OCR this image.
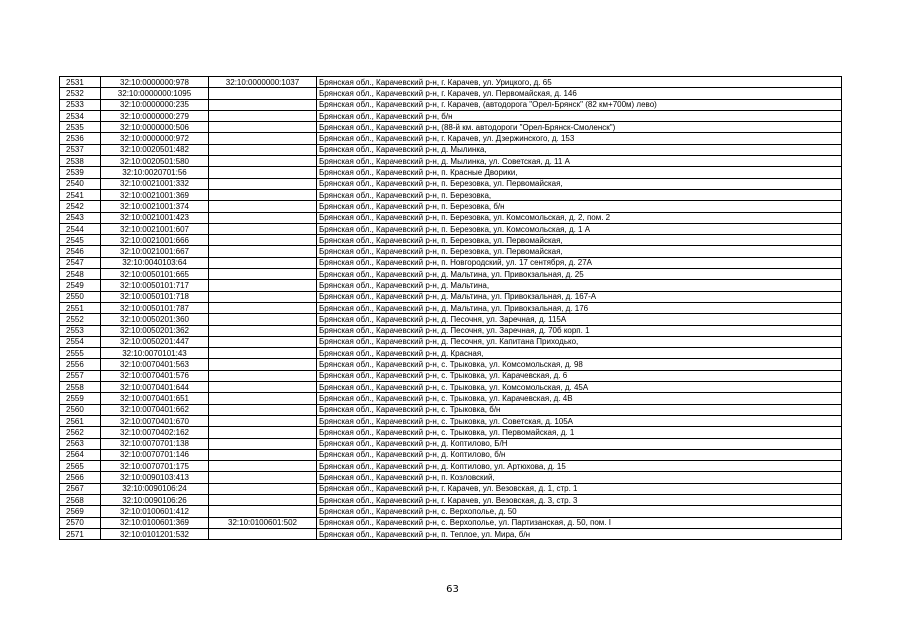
2531	32:10:0000000:978	32:10:0000000:1037	Брянская обл., Карачевский р-н, г. Карачев, ул. Урицкого, д. 65
2532	32:10:0000000:1095		Брянская обл., Карачевский р-н, г. Карачев, ул. Первомайская, д. 146
2533	32:10:0000000:235		Брянская обл., Карачевский р-н, г. Карачев, (автодорога "Орел-Брянск" (82 км+700м) лево)
2534	32:10:0000000:279		Брянская обл., Карачевский р-н, б/н
2535	32:10:0000000:506		Брянская обл., Карачевский р-н, (88-й км. автодороги "Орел-Брянск-Смоленск")
2536	32:10:0000000:972		Брянская обл., Карачевский р-н, г. Карачев, ул. Дзержинского, д. 153
2537	32:10:0020501:482		Брянская обл., Карачевский р-н, д. Мылинка,
2538	32:10:0020501:580		Брянская обл., Карачевский р-н, д. Мылинка, ул. Советская, д. 11 А
2539	32:10:0020701:56		Брянская обл., Карачевский р-н, п. Красные Дворики,
2540	32:10:0021001:332		Брянская обл., Карачевский р-н, п. Березовка, ул. Первомайская,
2541	32:10:0021001:369		Брянская обл., Карачевский р-н, п. Березовка,
2542	32:10:0021001:374		Брянская обл., Карачевский р-н, п. Березовка, б/н
2543	32:10:0021001:423		Брянская обл., Карачевский р-н, п. Березовка, ул. Комсомольская, д. 2, пом. 2
2544	32:10:0021001:607		Брянская обл., Карачевский р-н, п. Березовка, ул. Комсомольская, д. 1 А
2545	32:10:0021001:666		Брянская обл., Карачевский р-н, п. Березовка, ул. Первомайская,
2546	32:10:0021001:667		Брянская обл., Карачевский р-н, п. Березовка, ул. Первомайская,
2547	32:10:0040103:64		Брянская обл., Карачевский р-н, п. Новгородский, ул. 17 сентября, д. 27А
2548	32:10:0050101:665		Брянская обл., Карачевский р-н, д. Мальтина, ул. Привокзальная, д. 25
2549	32:10:0050101:717		Брянская обл., Карачевский р-н, д. Мальтина,
2550	32:10:0050101:718		Брянская обл., Карачевский р-н, д. Мальтина, ул. Привокзальная, д. 167-А
2551	32:10:0050101:787		Брянская обл., Карачевский р-н, д. Мальтина, ул. Привокзальная, д. 176
2552	32:10:0050201:360		Брянская обл., Карачевский р-н, д. Песочня, ул. Заречная, д. 115А
2553	32:10:0050201:362		Брянская обл., Карачевский р-н, д. Песочня, ул. Заречная, д. 70б корп. 1
2554	32:10:0050201:447		Брянская обл., Карачевский р-н, д. Песочня, ул. Капитана Приходько,
2555	32:10:0070101:43		Брянская обл., Карачевский р-н, д. Красная,
2556	32:10:0070401:563		Брянская обл., Карачевский р-н, с. Трыковка, ул. Комсомольская, д. 98
2557	32:10:0070401:576		Брянская обл., Карачевский р-н, с. Трыковка, ул. Карачевская, д. 6
2558	32:10:0070401:644		Брянская обл., Карачевский р-н, с. Трыковка, ул. Комсомольская, д. 45А
2559	32:10:0070401:651		Брянская обл., Карачевский р-н, с. Трыковка, ул. Карачевская, д. 4В
2560	32:10:0070401:662		Брянская обл., Карачевский р-н, с. Трыковка, б/н
2561	32:10:0070401:670		Брянская обл., Карачевский р-н, с. Трыковка, ул. Советская, д. 105А
2562	32:10:0070402:162		Брянская обл., Карачевский р-н, с. Трыковка, ул. Первомайская, д. 1
2563	32:10:0070701:138		Брянская обл., Карачевский р-н, д. Коптилово, Б/Н
2564	32:10:0070701:146		Брянская обл., Карачевский р-н, д. Коптилово, б/н
2565	32:10:0070701:175		Брянская обл., Карачевский р-н, д. Коптилово, ул. Артюхова, д. 15
2566	32:10:0090103:413		Брянская обл., Карачевский р-н, п. Козловский,
2567	32:10:0090106:24		Брянская обл., Карачевский р-н, г. Карачев, ул. Везовская, д. 1, стр. 1
2568	32:10:0090106:26		Брянская обл., Карачевский р-н, г. Карачев, ул. Везовская, д. 3, стр. 3
2569	32:10:0100601:412		Брянская обл., Карачевский р-н, с. Верхополье, д. 50
2570	32:10:0100601:369	32:10:0100601:502	Брянская обл., Карачевский р-н, с. Верхополье, ул. Партизанская, д. 50, пом. I
2571	32:10:0101201:532		Брянская обл., Карачевский р-н, п. Теплое, ул. Мира, б/н
63
